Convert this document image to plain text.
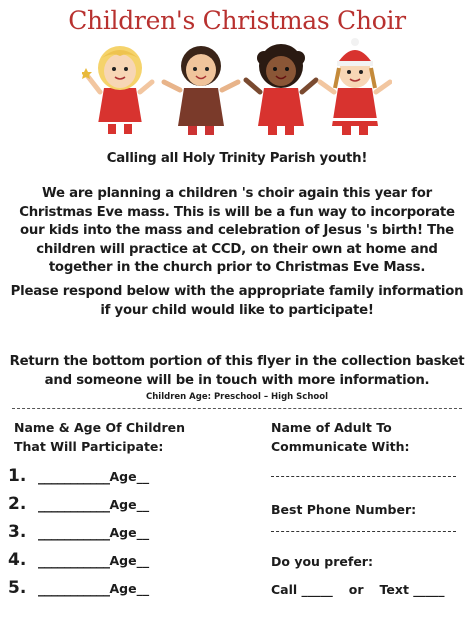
Children's Christmas Choir
Calling all Holy Trinity Parish youth!
We are planning a children 's choir again this year for Christmas Eve mass. This is will be a fun way to incorporate our kids into the mass and celebration of Jesus 's birth! The children will practice at CCD, on their own at home and together in the church prior to Christmas Eve Mass.
Please respond below with the appropriate family information if your child would like to participate!
Return the bottom portion of this flyer in the collection basket and someone will be in touch with more information.
Children Age: Preschool – High School
Name & Age Of Children That Will Participate:
1. ___________ Age__
2. ___________ Age__
3. ___________ Age__
4. ___________ Age__
5. ___________ Age__
Name of Adult To Communicate With:
Best Phone Number:
Do you prefer:
Call _____ or Text _____
